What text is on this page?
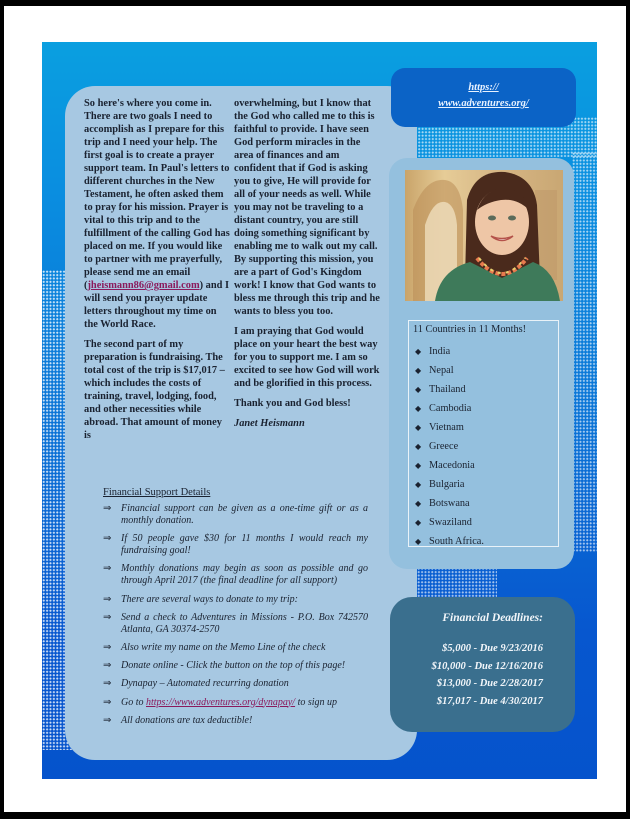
So here's where you come in. There are two goals I need to accomplish as I prepare for this trip and I need your help. The first goal is to create a prayer support team. In Paul's letters to different churches in the New Testament, he often asked them to pray for his mission. Prayer is vital to this trip and to the fulfillment of the calling God has placed on me. If you would like to partner with me prayerfully, please send me an email (jheismann86@gmail.com) and I will send you prayer update letters throughout my time on the World Race.

The second part of my preparation is fundraising. The total cost of the trip is $17,017 – which includes the costs of training, travel, lodging, food, and other necessities while abroad. That amount of money is

overwhelming, but I know that the God who called me to this is faithful to provide. I have seen God perform miracles in the area of finances and am confident that if God is asking you to give, He will provide for all of your needs as well. While you may not be traveling to a distant country, you are still doing something significant by enabling me to walk out my call. By supporting this mission, you are a part of God's Kingdom work! I know that God wants to bless me through this trip and he wants to bless you too.

I am praying that God would place on your heart the best way for you to support me. I am so excited to see how God will work and be glorified in this process.

Thank you and God bless!

Janet Heismann

Financial Support Details
⇒ Financial support can be given as a one-time gift or as a monthly donation.
⇒ If 50 people gave $30 for 11 months I would reach my fundraising goal!
⇒ Monthly donations may begin as soon as possible and go through April 2017 (the final deadline for all support)
⇒ There are several ways to donate to my trip:
⇒ Send a check to Adventures in Missions - P.O. Box 742570 Atlanta, GA 30374-2570
⇒ Also write my name on the Memo Line of the check
⇒ Donate online - Click the button on the top of this page!
⇒ Dynapay – Automated recurring donation
⇒ Go to https://www.adventures.org/dynapay/ to sign up
⇒ All donations are tax deductible!
https://
www.adventures.org/
11 Countries in 11 Months!
◆ India
◆ Nepal
◆ Thailand
◆ Cambodia
◆ Vietnam
◆ Greece
◆ Macedonia
◆ Bulgaria
◆ Botswana
◆ Swaziland
◆ South Africa.
Financial Deadlines:
$5,000 - Due 9/23/2016
$10,000 - Due 12/16/2016
$13,000 - Due 2/28/2017
$17,017 - Due 4/30/2017
